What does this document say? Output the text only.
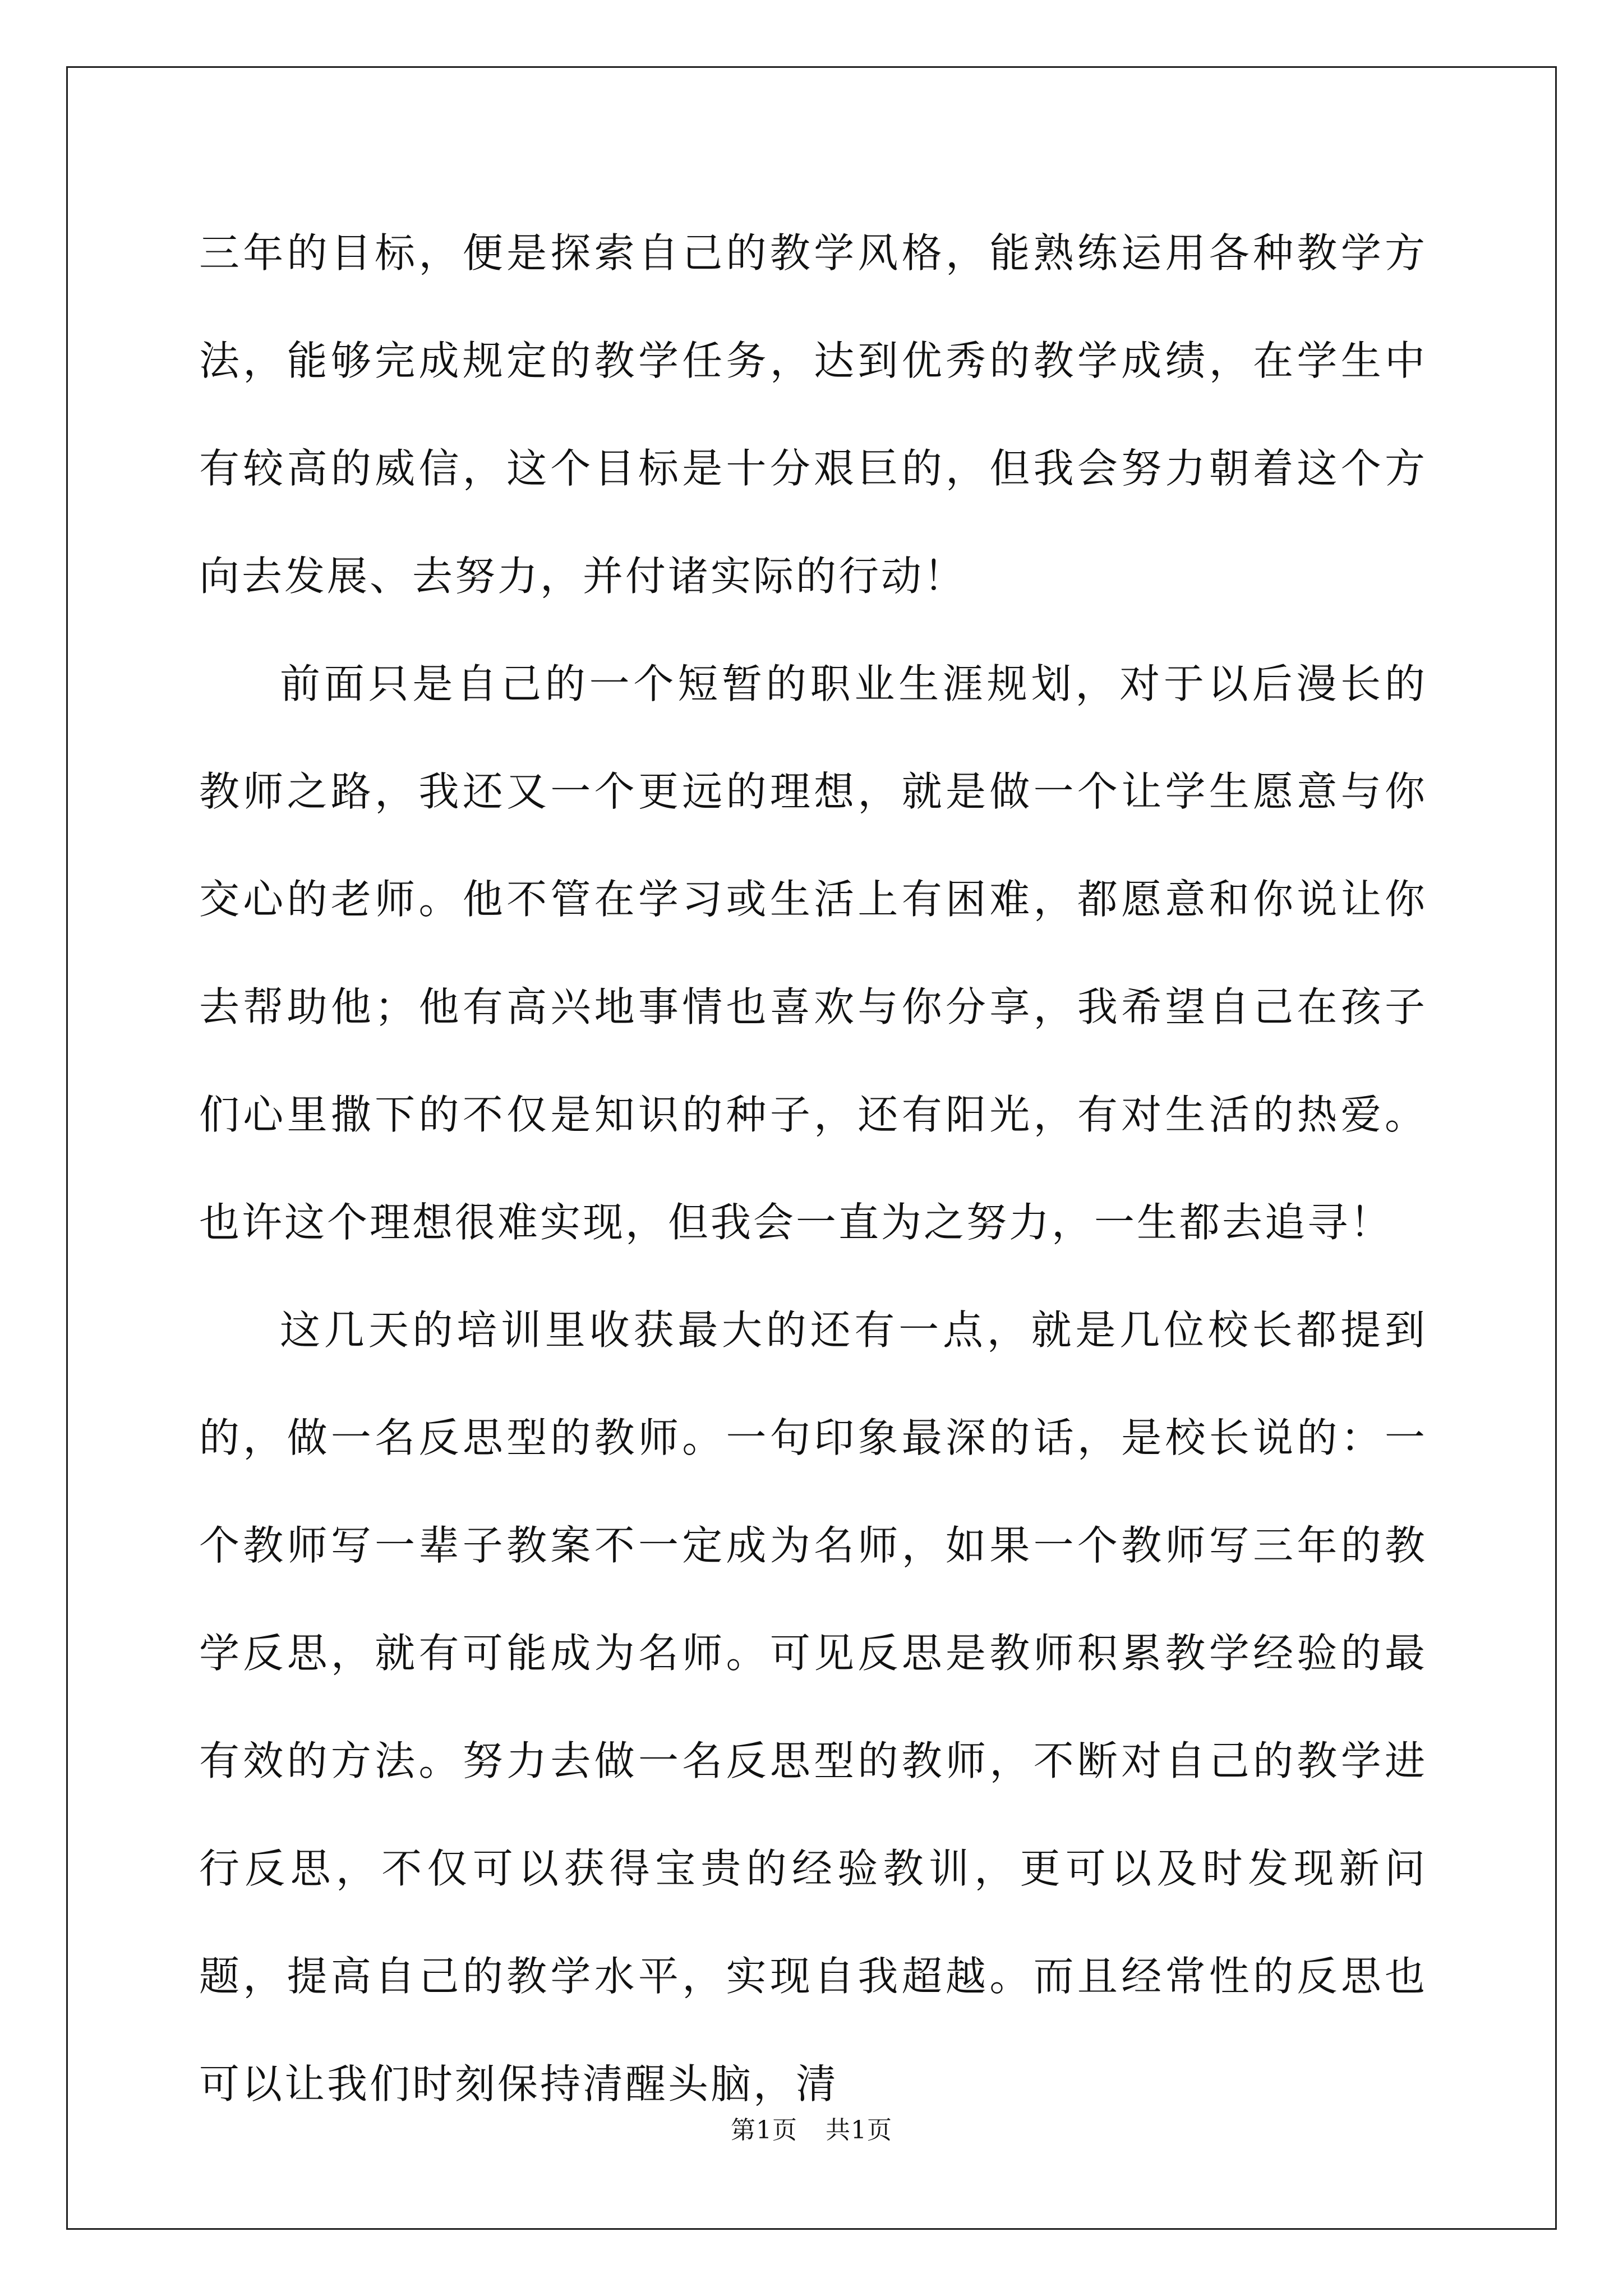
三年的目标，便是探索自己的教学风格，能熟练运用各种教学方法，能够完成规定的教学任务，达到优秀的教学成绩，在学生中有较高的威信，这个目标是十分艰巨的，但我会努力朝着这个方向去发展、去努力，并付诸实际的行动！

前面只是自己的一个短暂的职业生涯规划，对于以后漫长的教师之路，我还又一个更远的理想，就是做一个让学生愿意与你交心的老师。他不管在学习或生活上有困难，都愿意和你说让你去帮助他；他有高兴地事情也喜欢与你分享，我希望自己在孩子们心里撒下的不仅是知识的种子，还有阳光，有对生活的热爱。也许这个理想很难实现，但我会一直为之努力，一生都去追寻！

这几天的培训里收获最大的还有一点，就是几位校长都提到的，做一名反思型的教师。一句印象最深的话，是校长说的：一个教师写一辈子教案不一定成为名师，如果一个教师写三年的教学反思，就有可能成为名师。可见反思是教师积累教学经验的最有效的方法。努力去做一名反思型的教师，不断对自己的教学进行反思，不仅可以获得宝贵的经验教训，更可以及时发现新问题，提高自己的教学水平，实现自我超越。而且经常性的反思也可以让我们时刻保持清醒头脑，清

第1页 共1页
